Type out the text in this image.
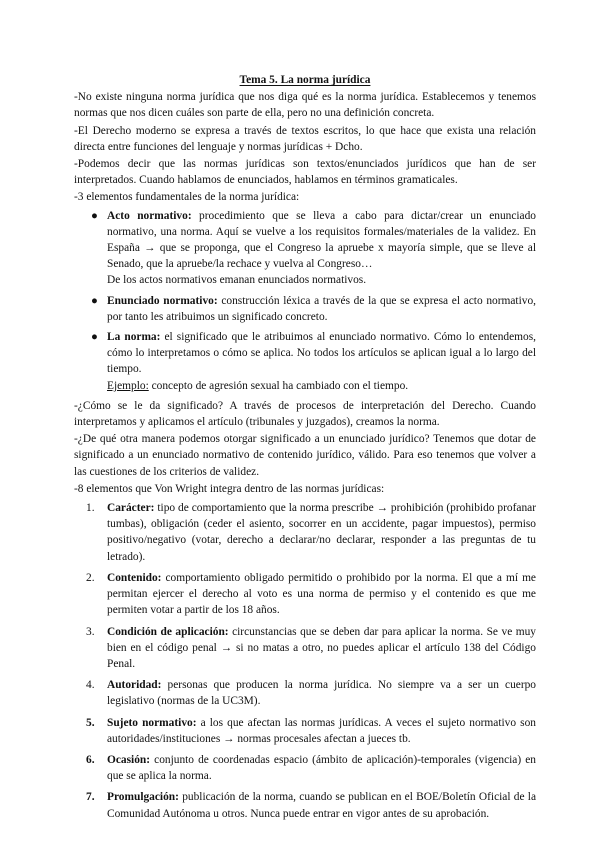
Tema 5. La norma jurídica

-No existe ninguna norma jurídica que nos diga qué es la norma jurídica. Establecemos y tenemos normas que nos dicen cuáles son parte de ella, pero no una definición concreta.

-El Derecho moderno se expresa a través de textos escritos, lo que hace que exista una relación directa entre funciones del lenguaje y normas jurídicas + Dcho.

-Podemos decir que las normas jurídicas son textos/enunciados jurídicos que han de ser interpretados. Cuando hablamos de enunciados, hablamos en términos gramaticales.

-3 elementos fundamentales de la norma jurídica:

● Acto normativo: procedimiento que se lleva a cabo para dictar/crear un enunciado normativo, una norma. Aquí se vuelve a los requisitos formales/materiales de la validez. En España → que se proponga, que el Congreso la apruebe x mayoría simple, que se lleve al Senado, que la apruebe/la rechace y vuelva al Congreso…
De los actos normativos emanan enunciados normativos.
● Enunciado normativo: construcción léxica a través de la que se expresa el acto normativo, por tanto les atribuimos un significado concreto.
● La norma: el significado que le atribuimos al enunciado normativo. Cómo lo entendemos, cómo lo interpretamos o cómo se aplica. No todos los artículos se aplican igual a lo largo del tiempo.
Ejemplo: concepto de agresión sexual ha cambiado con el tiempo.

-¿Cómo se le da significado? A través de procesos de interpretación del Derecho. Cuando interpretamos y aplicamos el artículo (tribunales y juzgados), creamos la norma.

-¿De qué otra manera podemos otorgar significado a un enunciado jurídico? Tenemos que dotar de significado a un enunciado normativo de contenido jurídico, válido. Para eso tenemos que volver a las cuestiones de los criterios de validez.

-8 elementos que Von Wright integra dentro de las normas jurídicas:

1. Carácter: tipo de comportamiento que la norma prescribe → prohibición (prohibido profanar tumbas), obligación (ceder el asiento, socorrer en un accidente, pagar impuestos), permiso positivo/negativo (votar, derecho a declarar/no declarar, responder a las preguntas de tu letrado).
2. Contenido: comportamiento obligado permitido o prohibido por la norma. El que a mí me permitan ejercer el derecho al voto es una norma de permiso y el contenido es que me permiten votar a partir de los 18 años.
3. Condición de aplicación: circunstancias que se deben dar para aplicar la norma. Se ve muy bien en el código penal → si no matas a otro, no puedes aplicar el artículo 138 del Código Penal.
4. Autoridad: personas que producen la norma jurídica. No siempre va a ser un cuerpo legislativo (normas de la UC3M).
5. Sujeto normativo: a los que afectan las normas jurídicas. A veces el sujeto normativo son autoridades/instituciones → normas procesales afectan a jueces tb.
6. Ocasión: conjunto de coordenadas espacio (ámbito de aplicación)-temporales (vigencia) en que se aplica la norma.
7. Promulgación: publicación de la norma, cuando se publican en el BOE/Boletín Oficial de la Comunidad Autónoma u otros. Nunca puede entrar en vigor antes de su aprobación.
